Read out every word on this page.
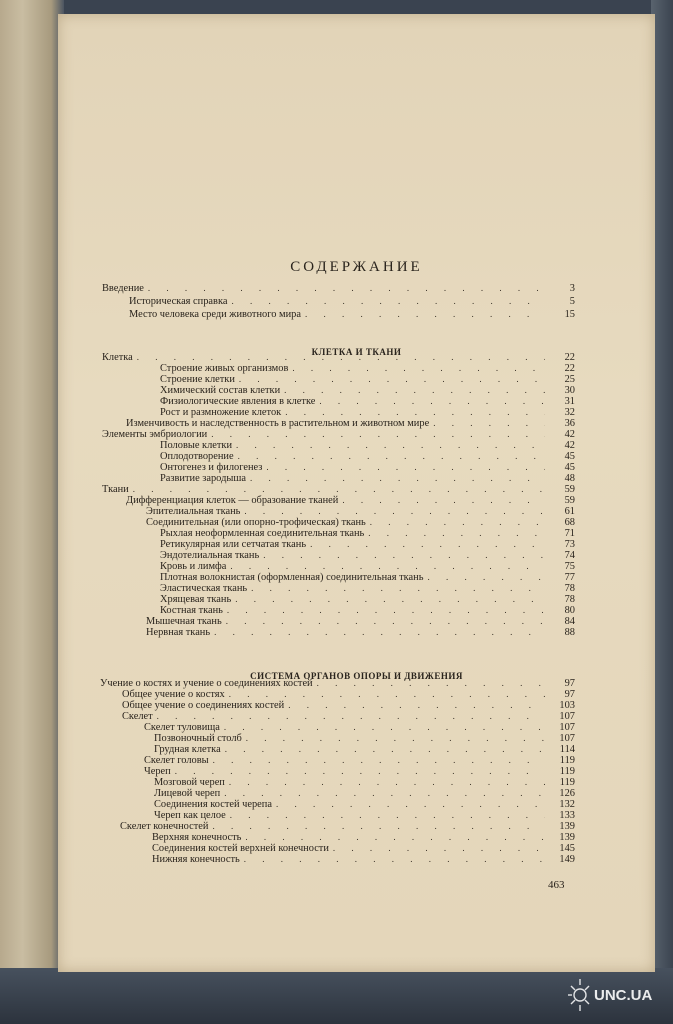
СОДЕРЖАНИЕ
КЛЕТКА И ТКАНИ
СИСТЕМА ОРГАНОВ ОПОРЫ И ДВИЖЕНИЯ
Введение . . .	3
Историческая справка . . .	5
Место человека среди животного мира . . .	15
Клетка . . .	22
Строение живых организмов . . .	22
Строение клетки . . .	25
Химический состав клетки . . .	30
Физиологические явления в клетке . . .	31
Рост и размножение клеток . . .	32
Изменчивость и наследственность в растительном и животном мире . . .	36
Элементы эмбриологии . . .	42
Половые клетки . . .	42
Оплодотворение . . .	45
Онтогенез и филогенез . . .	45
Развитие зародыша . . .	48
Ткани . . .	59
Дифференциация клеток — образование тканей . . .	59
Эпителиальная ткань . . .	61
Соединительная (или опорно-трофическая) ткань . . .	68
Рыхлая неоформленная соединительная ткань . . .	71
Ретикулярная или сетчатая ткань . . .	73
Эндотелиальная ткань . . .	74
Кровь и лимфа . . .	75
Плотная волокнистая (оформленная) соединительная ткань . . .	77
Эластическая ткань . . .	78
Хрящевая ткань . . .	78
Костная ткань . . .	80
Мышечная ткань . . .	84
Нервная ткань . . .	88
Учение о костях и учение о соединениях костей . . .	97
Общее учение о костях . . .	97
Общее учение о соединениях костей . . .	103
Скелет . . .	107
Скелет туловища . . .	107
Позвоночный столб . . .	107
Грудная клетка . . .	114
Скелет головы . . .	119
Череп . . .	119
Мозговой череп . . .	119
Лицевой череп . . .	126
Соединения костей черепа . . .	132
Череп как целое . . .	133
Скелет конечностей . . .	139
Верхняя конечность . . .	139
Соединения костей верхней конечности . . .	145
Нижняя конечность . . .	149
463
UNC.UA
